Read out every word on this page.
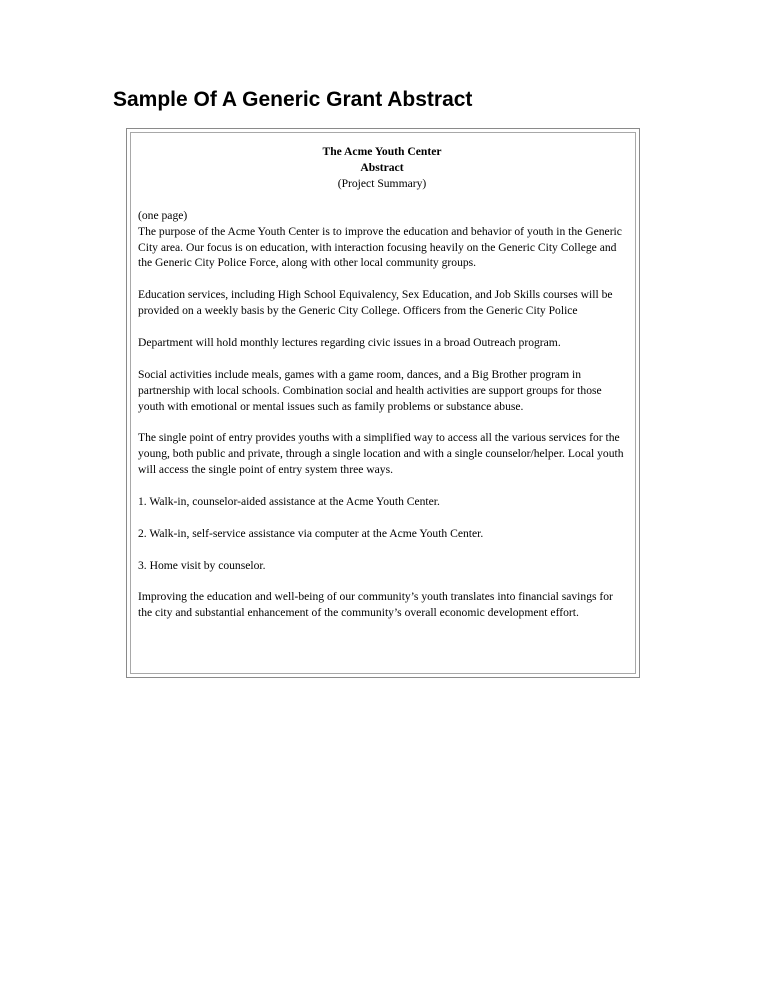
Sample Of A Generic Grant Abstract
The Acme Youth Center
Abstract
(Project Summary)

(one page)
The purpose of the Acme Youth Center is to improve the education and behavior of youth in the Generic City area. Our focus is on education, with interaction focusing heavily on the Generic City College and the Generic City Police Force, along with other local community groups.

Education services, including High School Equivalency, Sex Education, and Job Skills courses will be provided on a weekly basis by the Generic City College. Officers from the Generic City Police

Department will hold monthly lectures regarding civic issues in a broad Outreach program.

Social activities include meals, games with a game room, dances, and a Big Brother program in partnership with local schools. Combination social and health activities are support groups for those youth with emotional or mental issues such as family problems or substance abuse.

The single point of entry provides youths with a simplified way to access all the various services for the young, both public and private, through a single location and with a single counselor/helper. Local youth will access the single point of entry system three ways.

1. Walk-in, counselor-aided assistance at the Acme Youth Center.

2. Walk-in, self-service assistance via computer at the Acme Youth Center.

3. Home visit by counselor.

Improving the education and well-being of our community’s youth translates into financial savings for the city and substantial enhancement of the community’s overall economic development effort.
